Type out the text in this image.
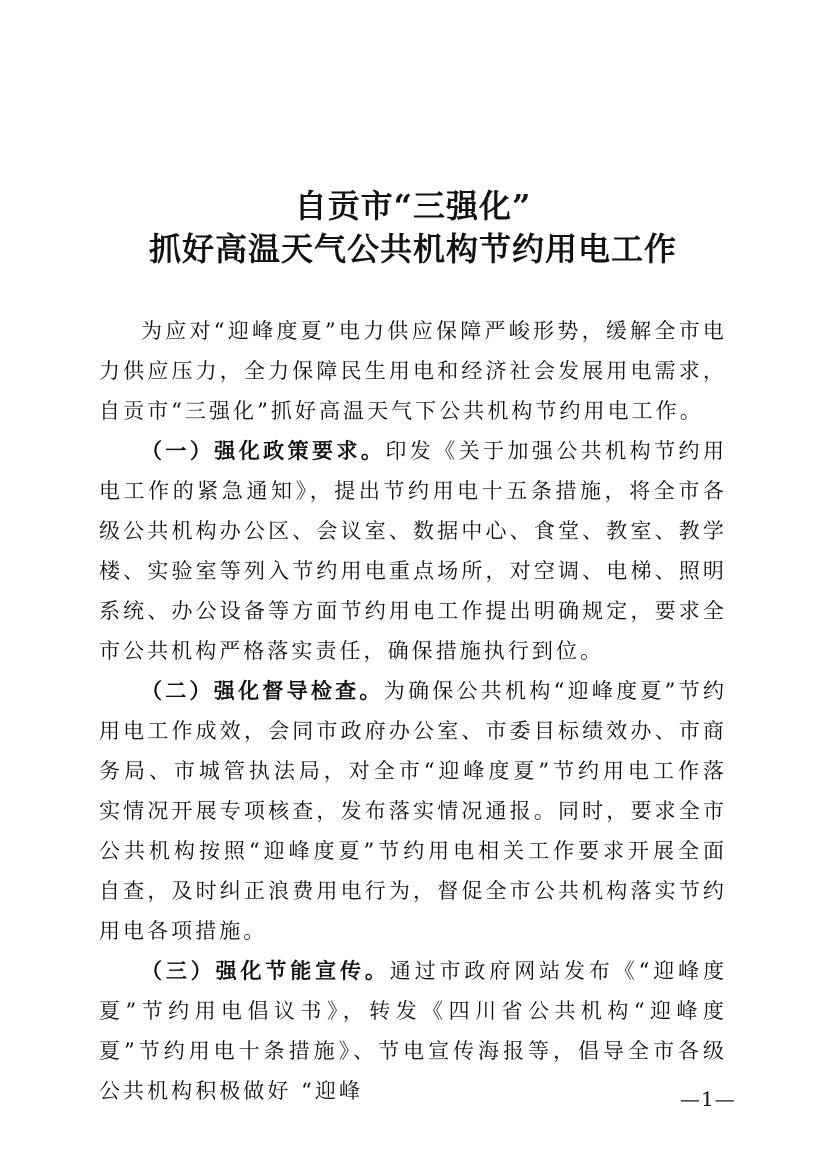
自贡市“三强化”
抓好高温天气公共机构节约用电工作

为应对“迎峰度夏”电力供应保障严峻形势，缓解全市电力供应压力，全力保障民生用电和经济社会发展用电需求，自贡市“三强化”抓好高温天气下公共机构节约用电工作。

（一）强化政策要求。印发《关于加强公共机构节约用电工作的紧急通知》，提出节约用电十五条措施，将全市各级公共机构办公区、会议室、数据中心、食堂、教室、教学楼、实验室等列入节约用电重点场所，对空调、电梯、照明系统、办公设备等方面节约用电工作提出明确规定，要求全市公共机构严格落实责任，确保措施执行到位。

（二）强化督导检查。为确保公共机构“迎峰度夏”节约用电工作成效，会同市政府办公室、市委目标绩效办、市商务局、市城管执法局，对全市“迎峰度夏”节约用电工作落实情况开展专项核查，发布落实情况通报。同时，要求全市公共机构按照“迎峰度夏”节约用电相关工作要求开展全面自查，及时纠正浪费用电行为，督促全市公共机构落实节约用电各项措施。

（三）强化节能宣传。通过市政府网站发布《“迎峰度夏”节约用电倡议书》，转发《四川省公共机构“迎峰度夏”节约用电十条措施》、节电宣传海报等，倡导全市各级公共机构积极做好 “迎峰	—1—
